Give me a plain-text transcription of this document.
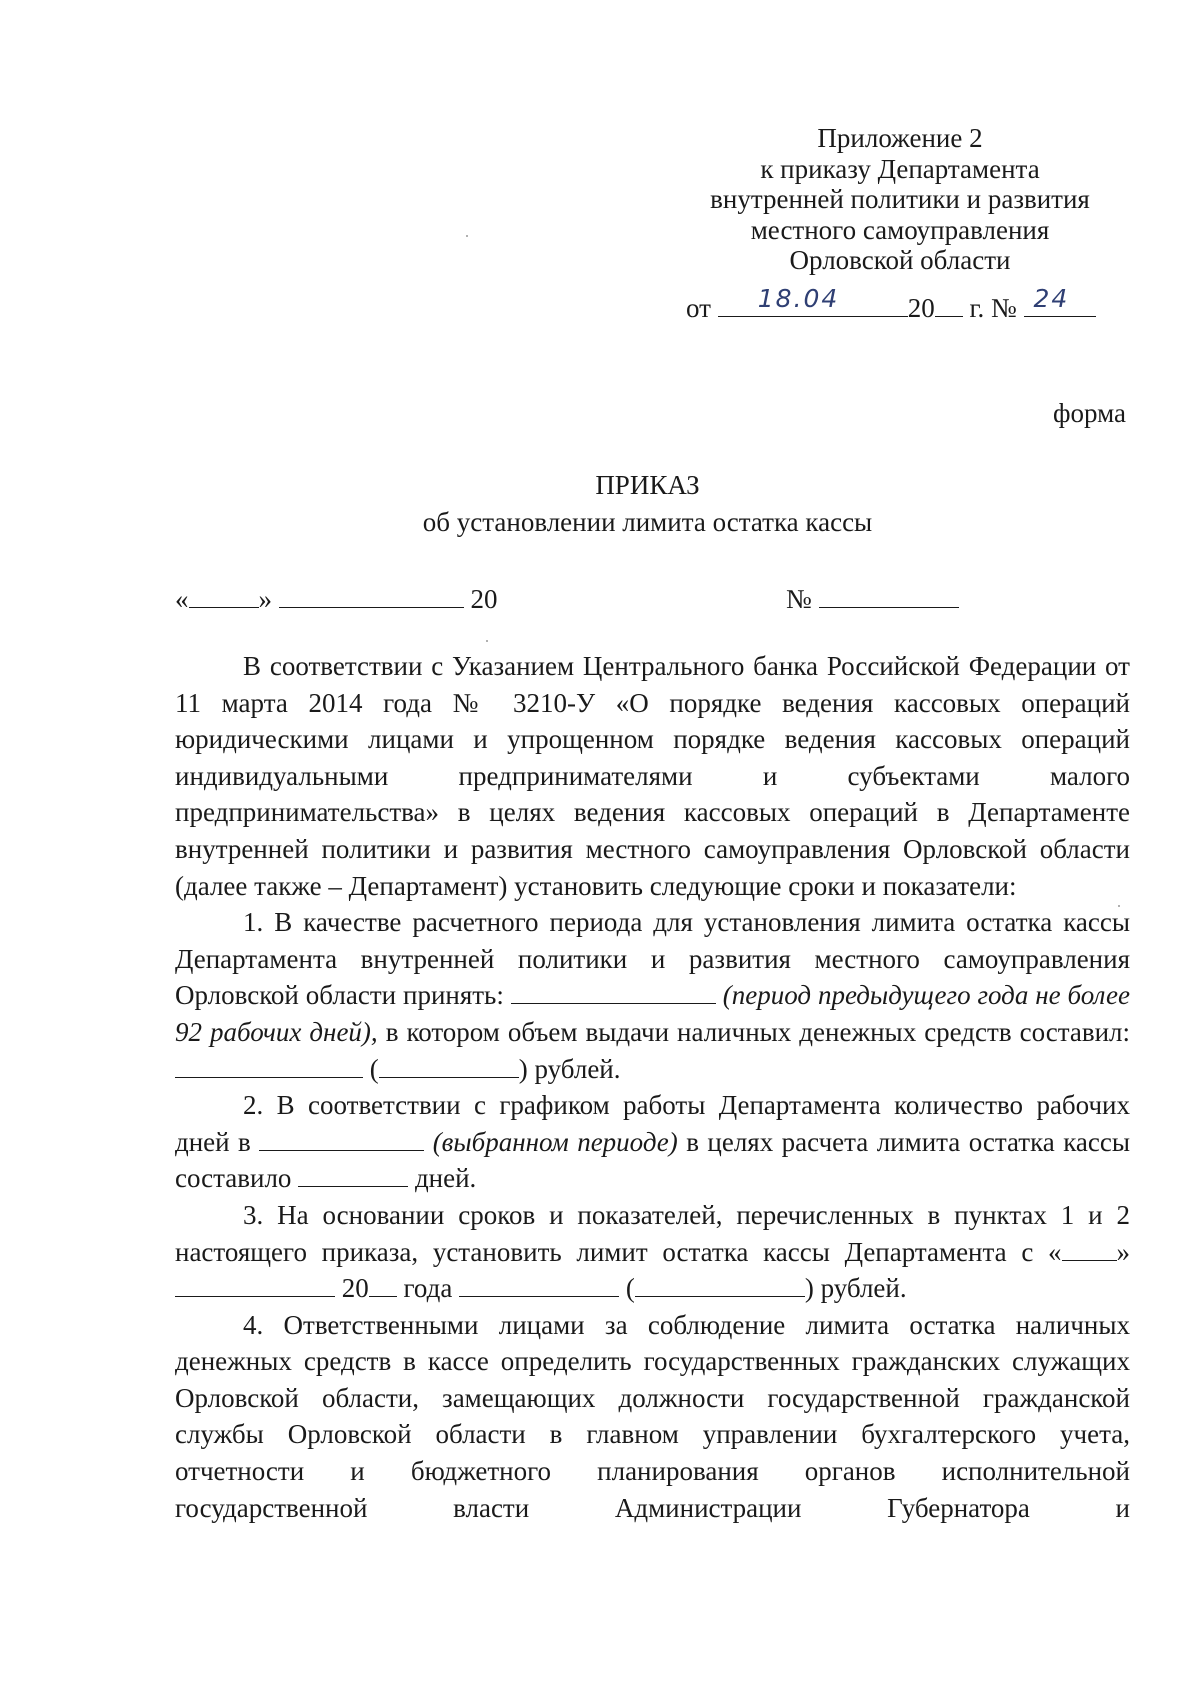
Приложение 2
к приказу Департамента
внутренней политики и развития
местного самоуправления
Орловской области
от 18.04	20 г. № 24
форма
ПРИКАЗ
об установлении лимита остатка кассы
«	»	20	№

В соответствии с Указанием Центрального банка Российской Федерации от 11 марта 2014 года № 3210-У «О порядке ведения кассовых операций юридическими лицами и упрощенном порядке ведения кассовых операций индивидуальными предпринимателями и субъектами малого предпринимательства» в целях ведения кассовых операций в Департаменте внутренней политики и развития местного самоуправления Орловской области (далее также – Департамент) установить следующие сроки и показатели:

1. В качестве расчетного периода для установления лимита остатка кассы Департамента внутренней политики и развития местного самоуправления Орловской области принять:	(период предыдущего года не более 92 рабочих дней), в котором объем выдачи наличных денежных средств составил:  (	) рублей.

2. В соответствии с графиком работы Департамента количество рабочих дней в	(выбранном периоде) в целях расчета лимита остатка кассы составило	дней.

3. На основании сроков и показателей, перечисленных в пунктах 1 и 2 настоящего приказа, установить лимит остатка кассы Департамента с « »  20 года	(	) рублей.

4. Ответственными лицами за соблюдение лимита остатка наличных денежных средств в кассе определить государственных гражданских служащих Орловской области, замещающих должности государственной гражданской службы Орловской области в главном управлении бухгалтерского учета, отчетности и бюджетного планирования органов исполнительной государственной власти Администрации Губернатора и
